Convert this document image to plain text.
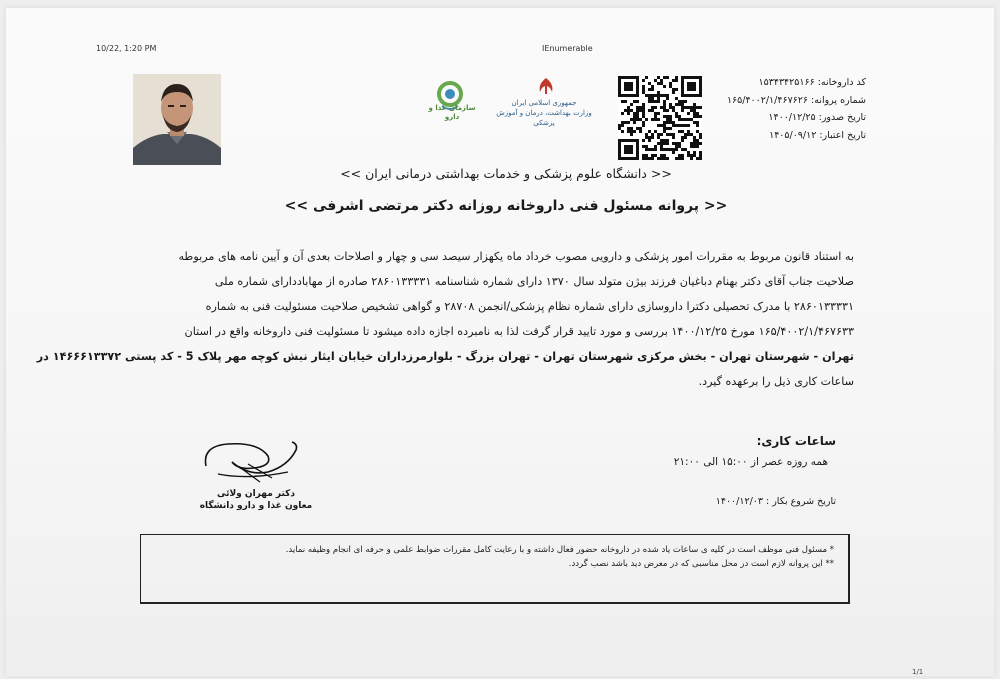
10/22, 1:20 PM	IEnumerable
سازمان غذا و دارو
جمهوری اسلامی ایران
وزارت بهداشت، درمان و آموزش پزشکی
کد داروخانه: ۱۵۳۴۳۴۲۵۱۶۶
شماره پروانه: ۱۶۵/۴۰۰۲/۱/۴۶۷۶۲۶
تاریخ صدور: ۱۴۰۰/۱۲/۲۵
تاریخ اعتبار: ۱۴۰۵/۰۹/۱۲
<< دانشگاه علوم پزشکی و خدمات بهداشتی درمانی ایران >>
<< پروانه مسئول فنی داروخانه روزانه دکتر مرتضی اشرفی >>
به استناد قانون مربوط به مقررات امور پزشکی و دارویی مصوب خرداد ماه یکهزار سیصد سی و چهار و اصلاحات بعدی آن و آیین نامه های مربوطه
صلاحیت جناب آقای دکتر بهنام دباغیان فرزند بیژن متولد سال ۱۳۷۰ دارای شماره شناسنامه ۲۸۶۰۱۳۳۳۳۱ صادره از مهاباددارای شماره ملی
۲۸۶۰۱۳۳۳۳۱ با مدرک تحصیلی دکترا داروسازی دارای شماره نظام پزشکی/انجمن ۲۸۷۰۸ و گواهی تشخیص صلاحیت مسئولیت فنی به شماره
۱۶۵/۴۰۰۲/۱/۴۶۷۶۳۳ مورخ ۱۴۰۰/۱۲/۲۵ بررسی و مورد تایید قرار گرفت لذا به نامبرده اجازه داده میشود تا مسئولیت فنی داروخانه واقع در استان
تهران - شهرستان تهران - بخش مرکزی شهرستان تهران - تهران بزرگ - بلوارمرزداران خیابان ایثار نبش کوچه مهر پلاک 5 - کد پستی ۱۴۶۶۶۱۳۳۷۲ در
ساعات کاری ذیل را برعهده گیرد.
ساعات کاری:
همه روزه عصر از ۱۵:۰۰ الی ۲۱:۰۰
تاریخ شروع بکار : ۱۴۰۰/۱۲/۰۳
دکتر مهران ولائی
معاون غذا و دارو دانشگاه
* مسئول فنی موظف است در کلیه ی ساعات یاد شده در داروخانه حضور فعال داشته و با رعایت کامل مقررات ضوابط علمی و حرفه ای انجام وظیفه نماید.
** این پروانه لازم است در محل مناسبی که در معرض دید باشد نصب گردد.
1/1
